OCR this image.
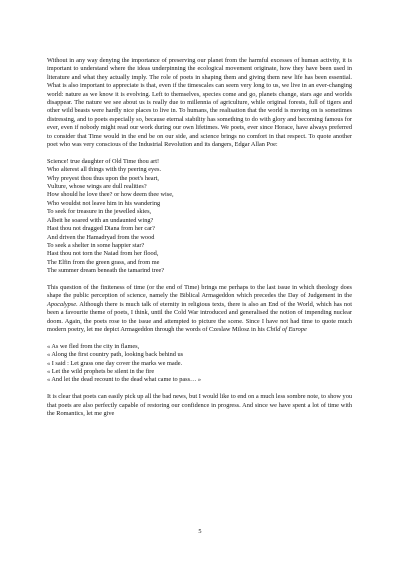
Without in any way denying the importance of preserving our planet from the harmful excesses of human activity, it is important to understand where the ideas underpinning the ecological movement originate, how they have been used in literature and what they actually imply. The role of poets in shaping them and giving them new life has been essential. What is also important to appreciate is that, even if the timescales can seem very long to us, we live in an ever-changing world: nature as we know it is evolving. Left to themselves, species come and go, planets change, stars age and worlds disappear. The nature we see about us is really due to millennia of agriculture, while original forests, full of tigers and other wild beasts were hardly nice places to live in. To humans, the realisation that the world is moving on is sometimes distressing, and to poets especially so, because eternal stability has something to do with glory and becoming famous for ever, even if nobody might read our work during our own lifetimes. We poets, ever since Horace, have always preferred to consider that Time would in the end be on our side, and science brings no comfort in that respect. To quote another poet who was very conscious of the Industrial Revolution and its dangers, Edgar Allan Poe:

Science! true daughter of Old Time thou art!
Who alterest all things with thy peering eyes.
Why preyest thou thus upon the poet's heart,
Vulture, whose wings are dull realities?
How should he love thee? or how deem thee wise,
Who wouldst not leave him in his wandering
To seek for treasure in the jewelled skies,
Albeit he soared with an undaunted wing?
Hast thou not dragged Diana from her car?
And driven the Hamadryad from the wood
To seek a shelter in some happier star?
Hast thou not torn the Naiad from her flood,
The Elfin from the green grass, and from me
The summer dream beneath the tamarind tree?

This question of the finiteness of time (or the end of Time) brings me perhaps to the last issue in which theology does shape the public perception of science, namely the Biblical Armageddon which precedes the Day of Judgement in the Apocalypse. Although there is much talk of eternity in religious texts, there is also an End of the World, which has not been a favourite theme of poets, I think, until the Cold War introduced and generalised the notion of impending nuclear doom. Again, the poets rose to the issue and attempted to picture the scene. Since I have not had time to quote much modern poetry, let me depict Armageddon through the words of Czeslaw Milosz in his Child of Europe

« As we fled from the city in flames,
« Along the first country path, looking back behind us
« I said : Let grass one day cover the marks we made.
« Let the wild prophets be silent in the fire
« And let the dead recount to the dead what came to pass… »

It is clear that poets can easily pick up all the bad news, but I would like to end on a much less sombre note, to show you that poets are also perfectly capable of restoring our confidence in progress. And since we have spent a lot of time with the Romantics, let me give

5
